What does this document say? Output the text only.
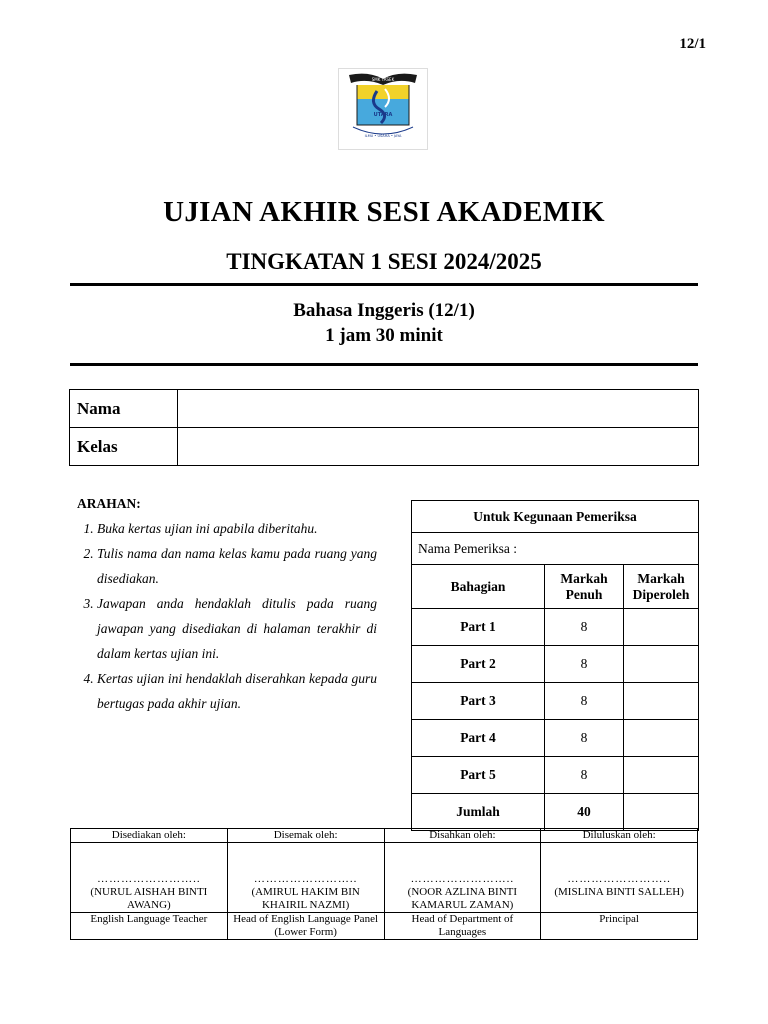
12/1
SMK TASEK
UTARA
ILMU • USAHA • JAYA
UJIAN AKHIR SESI AKADEMIK
TINGKATAN 1 SESI 2024/2025
Bahasa Inggeris (12/1)
1 jam 30 minit
Nama	
Kelas	
ARAHAN:
1. Buka kertas ujian ini apabila diberitahu.
2. Tulis nama dan nama kelas kamu pada ruang yang disediakan.
3. Jawapan anda hendaklah ditulis pada ruang jawapan yang disediakan di halaman terakhir di dalam kertas ujian ini.
4. Kertas ujian ini hendaklah diserahkan kepada guru bertugas pada akhir ujian.
Untuk Kegunaan Pemeriksa		
Nama Pemeriksa :		
Bahagian	Markah Penuh	Markah Diperoleh
Part 1	8	
Part 2	8	
Part 3	8	
Part 4	8	
Part 5	8	
Jumlah	40	
Disediakan oleh:	Disemak oleh:	Disahkan oleh:	Diluluskan oleh:

……………………..	……………………..	……………………..	……………………..
(NURUL AISHAH BINTI AWANG)	(AMIRUL HAKIM BIN KHAIRIL NAZMI)	(NOOR AZLINA BINTI KAMARUL ZAMAN)	(MISLINA BINTI SALLEH)
English Language Teacher	Head of English Language Panel (Lower Form)	Head of Department of Languages	Principal
